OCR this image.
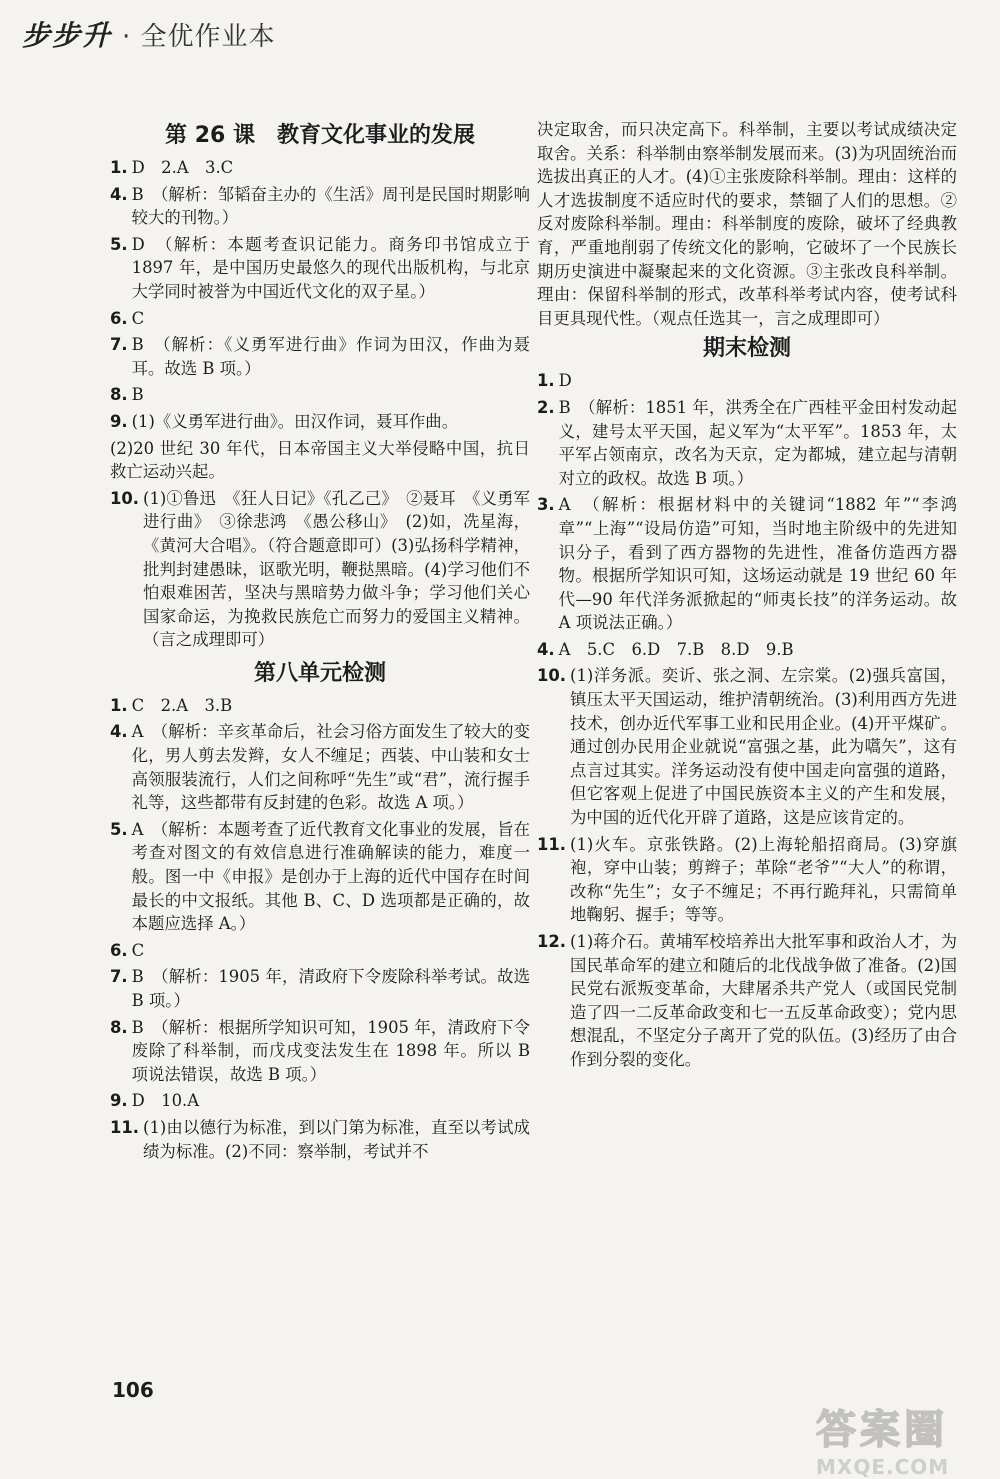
步步升 · 全优作业本
第 26 课　教育文化事业的发展
1. D　2.A　3.C
4. B　（解析：邹韬奋主办的《生活》周刊是民国时期影响较大的刊物。）
5. D　（解析：本题考查识记能力。商务印书馆成立于 1897 年，是中国历史最悠久的现代出版机构，与北京大学同时被誉为中国近代文化的双子星。）
6. C
7. B　（解析：《义勇军进行曲》作词为田汉，作曲为聂耳。故选 B 项。）
8. B
9. (1)《义勇军进行曲》。田汉作词，聂耳作曲。
(2)20 世纪 30 年代，日本帝国主义大举侵略中国，抗日救亡运动兴起。
10. (1)①鲁迅　《狂人日记》《孔乙己》　②聂耳　《义勇军进行曲》　③徐悲鸿　《愚公移山》　(2)如，冼星海，《黄河大合唱》。（符合题意即可）(3)弘扬科学精神，批判封建愚昧，讴歌光明，鞭挞黑暗。(4)学习他们不怕艰难困苦，坚决与黑暗势力做斗争；学习他们关心国家命运，为挽救民族危亡而努力的爱国主义精神。（言之成理即可）
第八单元检测
1. C　2.A　3.B
4. A　（解析：辛亥革命后，社会习俗方面发生了较大的变化，男人剪去发辫，女人不缠足；西装、中山装和女士高领服装流行，人们之间称呼“先生”或“君”，流行握手礼等，这些都带有反封建的色彩。故选 A 项。）
5. A　（解析：本题考查了近代教育文化事业的发展，旨在考查对图文的有效信息进行准确解读的能力，难度一般。图一中《申报》是创办于上海的近代中国存在时间最长的中文报纸。其他 B、C、D 选项都是正确的，故本题应选择 A。）
6. C
7. B　（解析：1905 年，清政府下令废除科举考试。故选 B 项。）
8. B　（解析：根据所学知识可知，1905 年，清政府下令废除了科举制，而戊戌变法发生在 1898 年。所以 B 项说法错误，故选 B 项。）
9. D　10.A
11. (1)由以德行为标准，到以门第为标准，直至以考试成绩为标准。(2)不同：察举制，考试并不
决定取舍，而只决定高下。科举制，主要以考试成绩决定取舍。关系：科举制由察举制发展而来。(3)为巩固统治而选拔出真正的人才。(4)①主张废除科举制。理由：这样的人才选拔制度不适应时代的要求，禁锢了人们的思想。②反对废除科举制。理由：科举制度的废除，破坏了经典教育，严重地削弱了传统文化的影响，它破坏了一个民族长期历史演进中凝聚起来的文化资源。③主张改良科举制。理由：保留科举制的形式，改革科举考试内容，使考试科目更具现代性。（观点任选其一，言之成理即可）
期末检测
1. D
2. B　（解析：1851 年，洪秀全在广西桂平金田村发动起义，建号太平天国，起义军为“太平军”。1853 年，太平军占领南京，改名为天京，定为都城，建立起与清朝对立的政权。故选 B 项。）
3. A　（解析：根据材料中的关键词“1882 年”“李鸿章”“上海”“设局仿造”可知，当时地主阶级中的先进知识分子，看到了西方器物的先进性，准备仿造西方器物。根据所学知识可知，这场运动就是 19 世纪 60 年代—90 年代洋务派掀起的“师夷长技”的洋务运动。故 A 项说法正确。）
4. A　5.C　6.D　7.B　8.D　9.B
10. (1)洋务派。奕䜣、张之洞、左宗棠。(2)强兵富国，镇压太平天国运动，维护清朝统治。(3)利用西方先进技术，创办近代军事工业和民用企业。(4)开平煤矿。通过创办民用企业就说“富强之基，此为嚆矢”，这有点言过其实。洋务运动没有使中国走向富强的道路，但它客观上促进了中国民族资本主义的产生和发展，为中国的近代化开辟了道路，这是应该肯定的。
11. (1)火车。京张铁路。(2)上海轮船招商局。(3)穿旗袍，穿中山装；剪辫子；革除“老爷”“大人”的称谓，改称“先生”；女子不缠足；不再行跪拜礼，只需简单地鞠躬、握手；等等。
12. (1)蒋介石。黄埔军校培养出大批军事和政治人才，为国民革命军的建立和随后的北伐战争做了准备。(2)国民党右派叛变革命，大肆屠杀共产党人（或国民党制造了四一二反革命政变和七一五反革命政变）；党内思想混乱，不坚定分子离开了党的队伍。(3)经历了由合作到分裂的变化。
106
答案圈
MXQE.COM
